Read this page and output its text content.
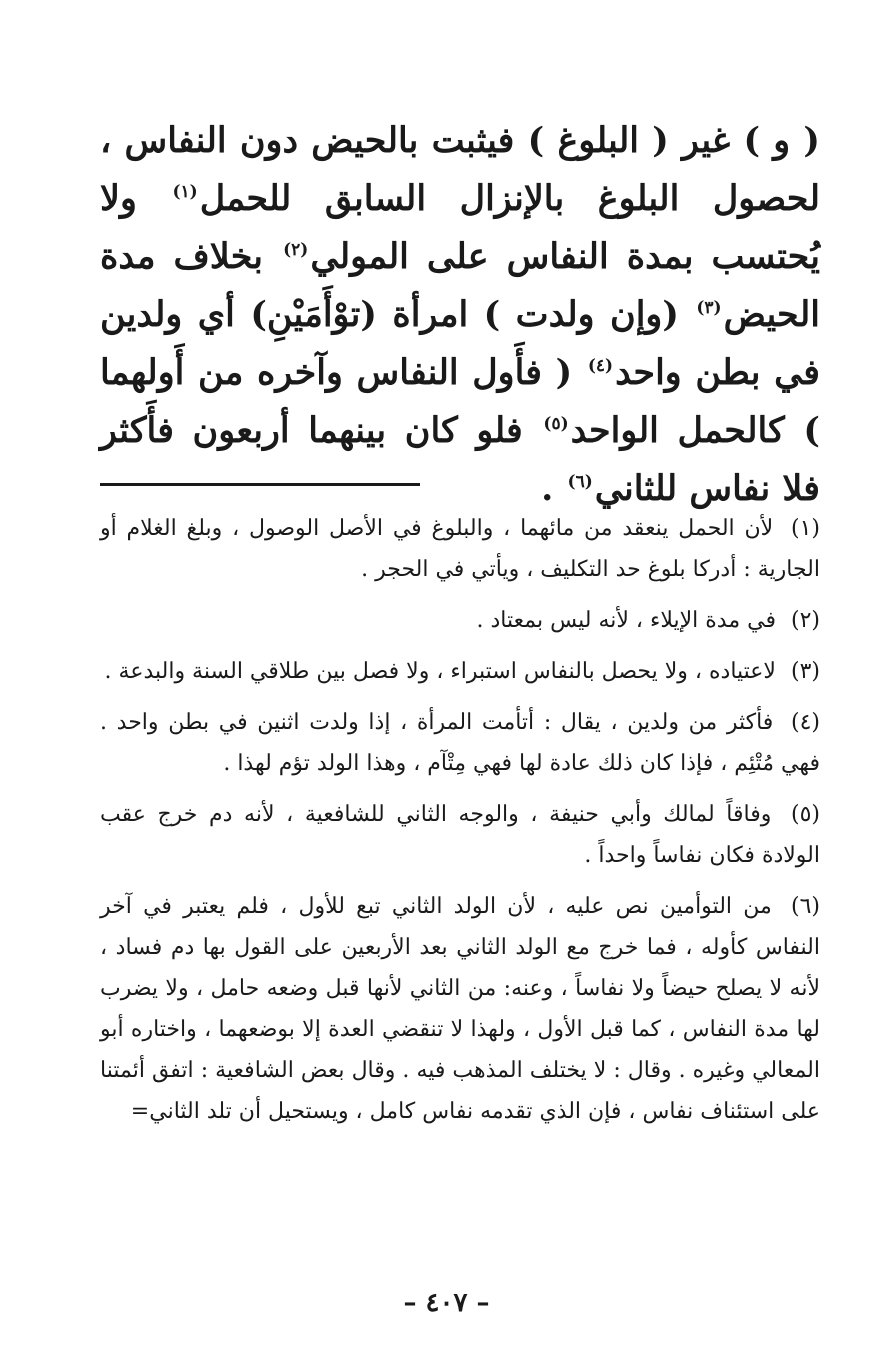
( و ) غير ( البلوغ ) فيثبت بالحيض دون النفاس ، لحصول البلوغ بالإنزال السابق للحمل$^{(١)}$ ولا يُحتسب بمدة النفاس على المولي$^{(٢)}$ بخلاف مدة الحيض$^{(٣)}$ (وإن ولدت ) امرأة (توْأَمَيْنِ) أي ولدين في بطن واحد$^{(٤)}$ ( فأَول النفاس وآخره من أَولهما ) كالحمل الواحد$^{(٥)}$ فلو كان بينهما أربعون فأَكثر فلا نفاس للثاني$^{(٦)}$ .

(١) لأن الحمل ينعقد من مائهما ، والبلوغ في الأصل الوصول ، وبلغ الغلام أو الجارية : أدركا بلوغ حد التكليف ، ويأتي في الحجر .

(٢) في مدة الإيلاء ، لأنه ليس بمعتاد .

(٣) لاعتياده ، ولا يحصل بالنفاس استبراء ، ولا فصل بين طلاقي السنة والبدعة .

(٤) فأكثر من ولدين ، يقال : أتأمت المرأة ، إذا ولدت اثنين في بطن واحد . فهي مُتْئِم ، فإذا كان ذلك عادة لها فهي مِتْآم ، وهذا الولد تؤم لهذا .

(٥) وفاقاً لمالك وأبي حنيفة ، والوجه الثاني للشافعية ، لأنه دم خرج عقب الولادة فكان نفاساً واحداً .

(٦) من التوأمين نص عليه ، لأن الولد الثاني تبع للأول ، فلم يعتبر في آخر النفاس كأوله ، فما خرج مع الولد الثاني بعد الأربعين على القول بها دم فساد ، لأنه لا يصلح حيضاً ولا نفاساً ، وعنه: من الثاني لأنها قبل وضعه حامل ، ولا يضرب لها مدة النفاس ، كما قبل الأول ، ولهذا لا تنقضي العدة إلا بوضعهما ، واختاره أبو المعالي وغيره . وقال : لا يختلف المذهب فيه . وقال بعض الشافعية : اتفق أئمتنا على استئناف نفاس ، فإن الذي تقدمه نفاس كامل ، ويستحيل أن تلد الثاني=

– ٤٠٧ –
